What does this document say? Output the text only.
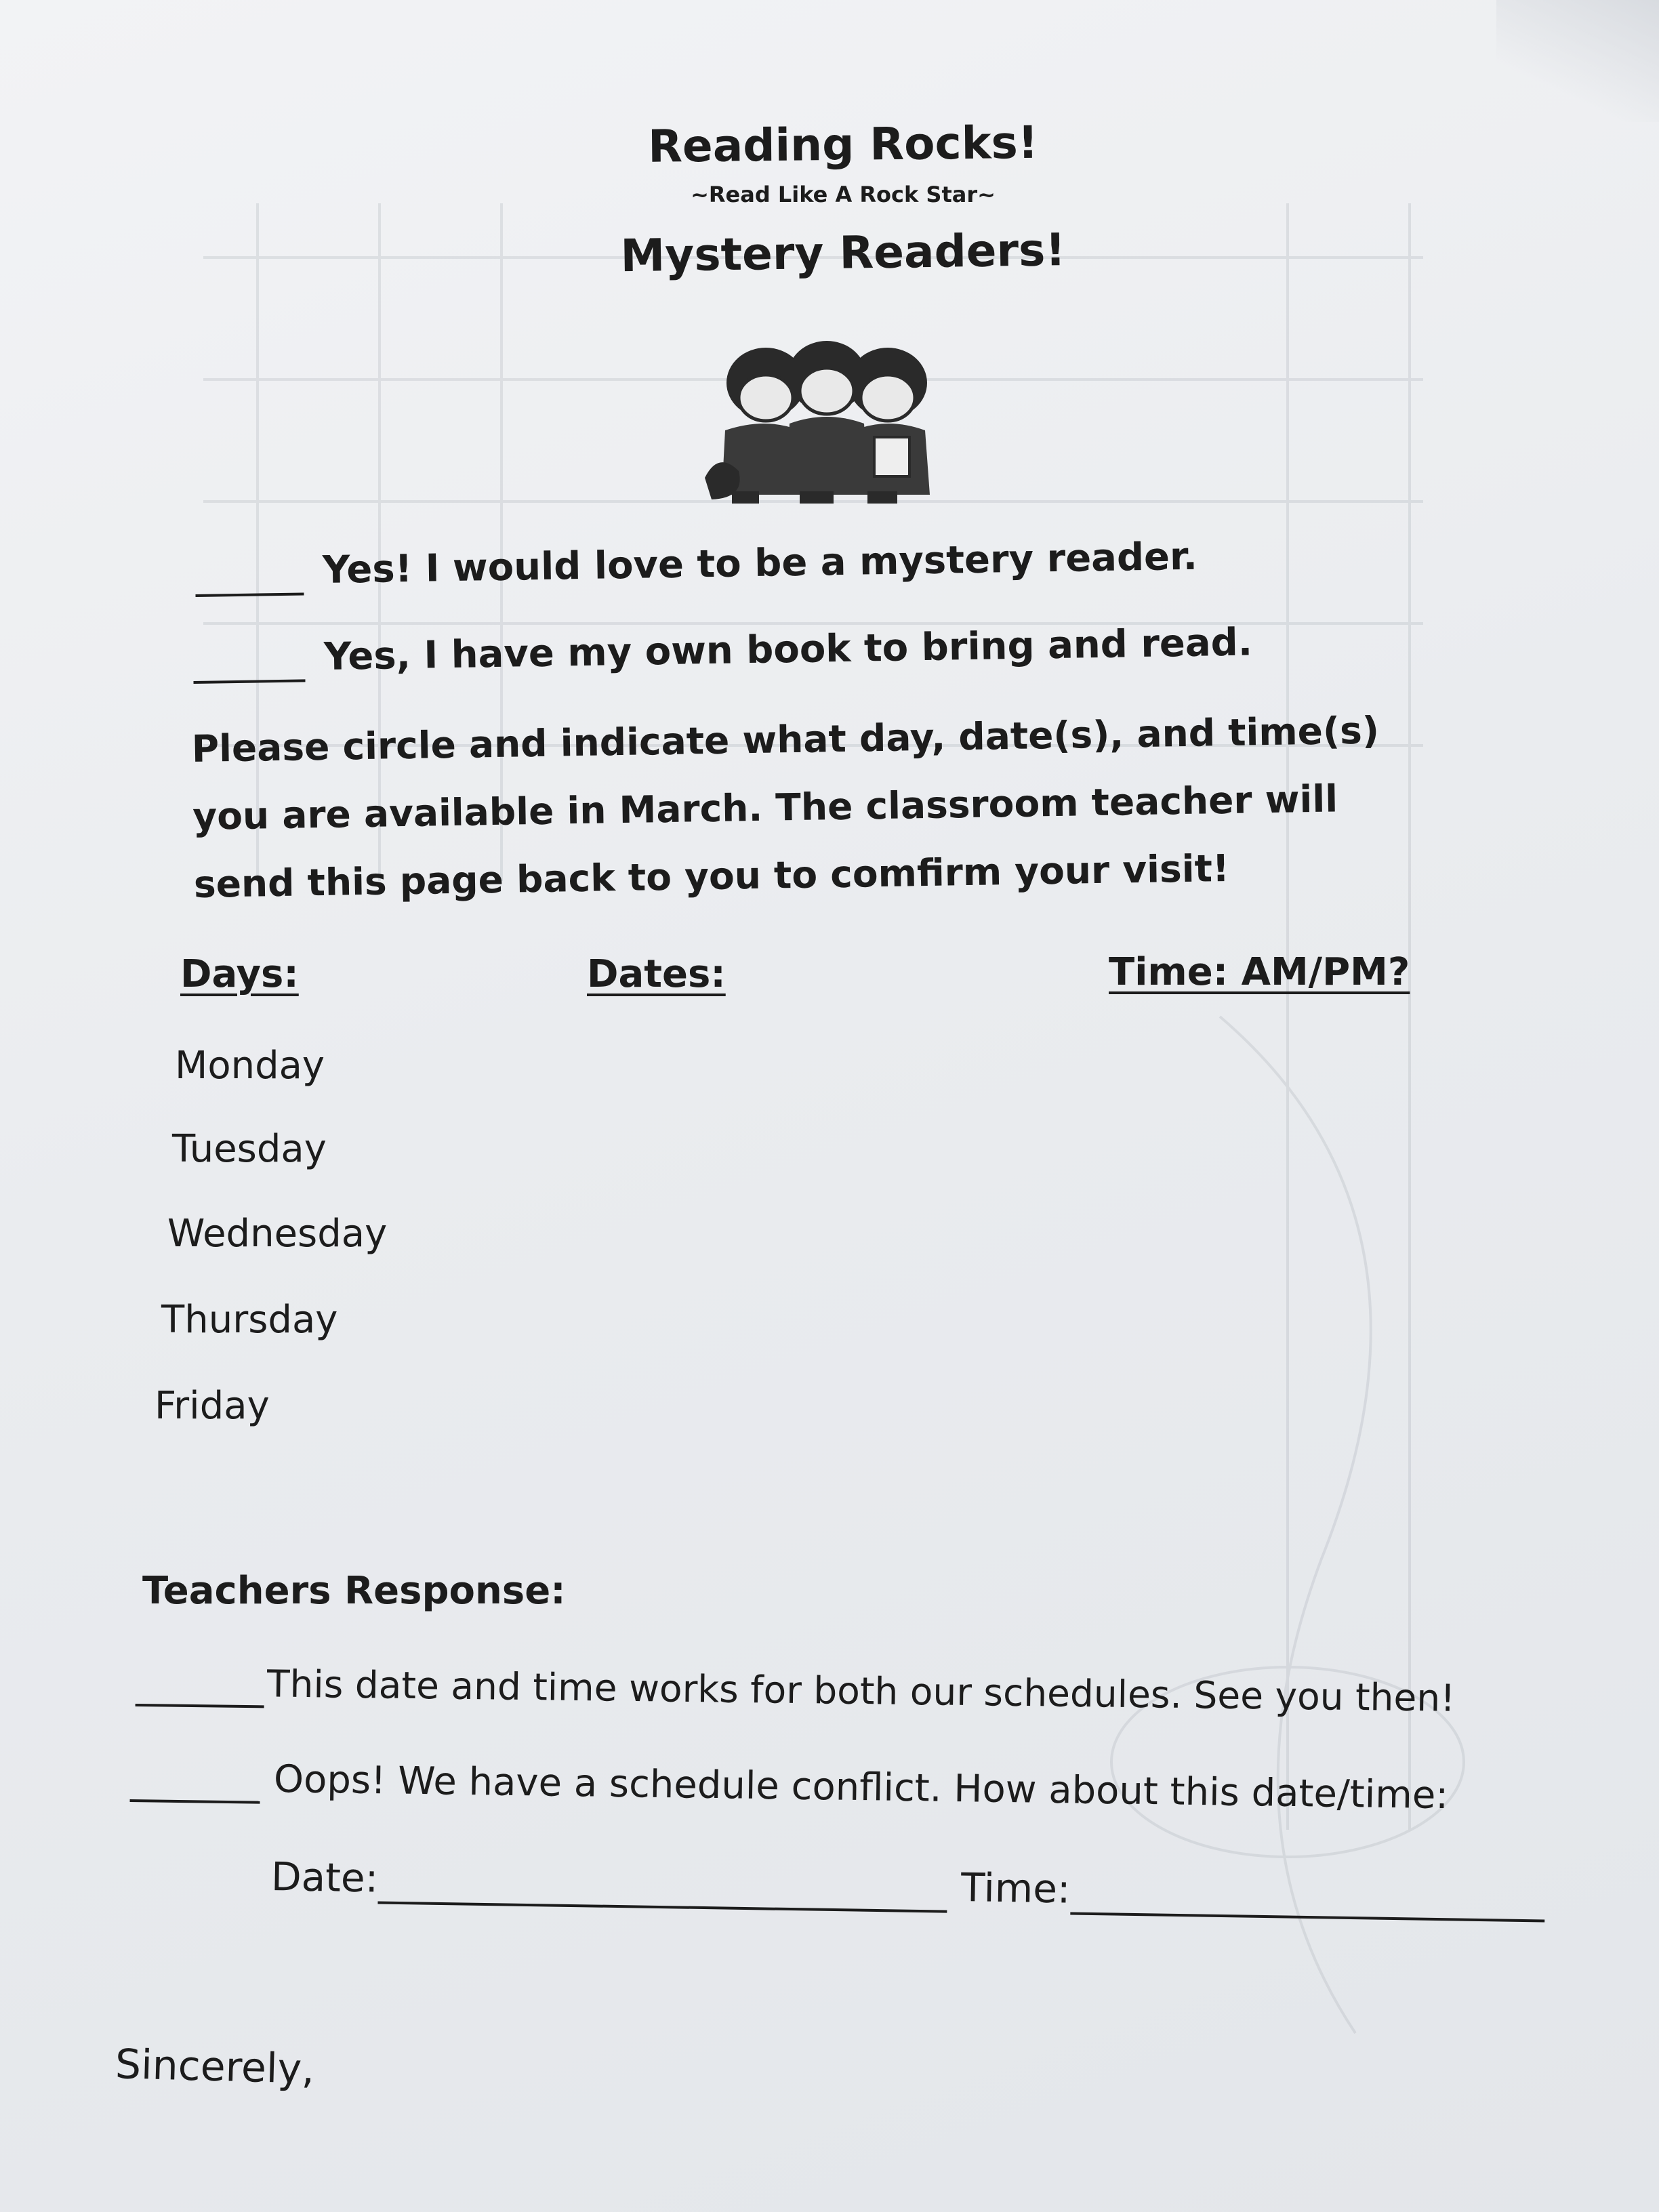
Reading Rocks!
~Read Like A Rock Star~
Mystery Readers!
Yes! I would love to be a mystery reader.
Yes, I have my own book to bring and read.
Please circle and indicate what day, date(s), and time(s)
you are available in March. The classroom teacher will
send this page back to you to comfirm your visit!
Days:	Dates:	Time: AM/PM?
Monday
Tuesday
Wednesday
Thursday
Friday
Teachers Response:
This date and time works for both our schedules. See you then!
Oops! We have a schedule conflict. How about this date/time:
Date:	Time:
Sincerely,
